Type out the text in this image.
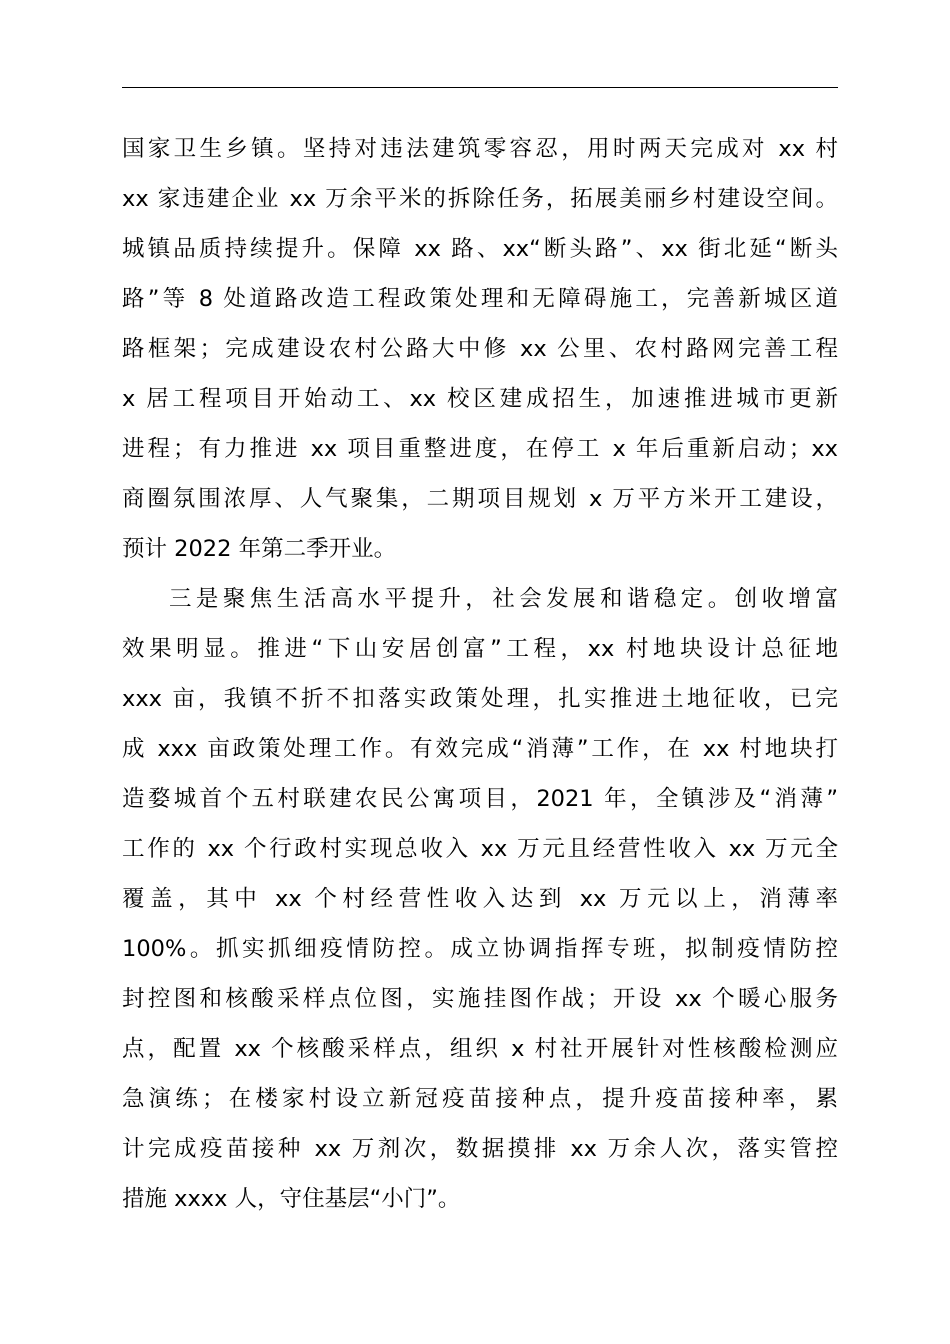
国家卫生乡镇。坚持对违法建筑零容忍，用时两天完成对 xx 村
xx 家违建企业 xx 万余平米的拆除任务，拓展美丽乡村建设空间。
城镇品质持续提升。保障 xx 路、xx“断头路”、xx 街北延“断头
路”等 8 处道路改造工程政策处理和无障碍施工，完善新城区道
路框架；完成建设农村公路大中修 xx 公里、农村路网完善工程
x 居工程项目开始动工、xx 校区建成招生，加速推进城市更新
进程；有力推进 xx 项目重整进度，在停工 x 年后重新启动；xx
商圈氛围浓厚、人气聚集，二期项目规划 x 万平方米开工建设，
预计 2022 年第二季开业。
三是聚焦生活高水平提升，社会发展和谐稳定。创收增富
效果明显。推进“下山安居创富”工程，xx 村地块设计总征地
xxx 亩，我镇不折不扣落实政策处理，扎实推进土地征收，已完
成 xxx 亩政策处理工作。有效完成“消薄”工作，在 xx 村地块打
造婺城首个五村联建农民公寓项目，2021 年，全镇涉及“消薄”
工作的 xx 个行政村实现总收入 xx 万元且经营性收入 xx 万元全
覆盖，其中 xx 个村经营性收入达到 xx 万元以上，消薄率
100%。抓实抓细疫情防控。成立协调指挥专班，拟制疫情防控
封控图和核酸采样点位图，实施挂图作战；开设 xx 个暖心服务
点，配置 xx 个核酸采样点，组织 x 村社开展针对性核酸检测应
急演练；在楼家村设立新冠疫苗接种点，提升疫苗接种率，累
计完成疫苗接种 xx 万剂次，数据摸排 xx 万余人次，落实管控
措施 xxxx 人，守住基层“小门”。
